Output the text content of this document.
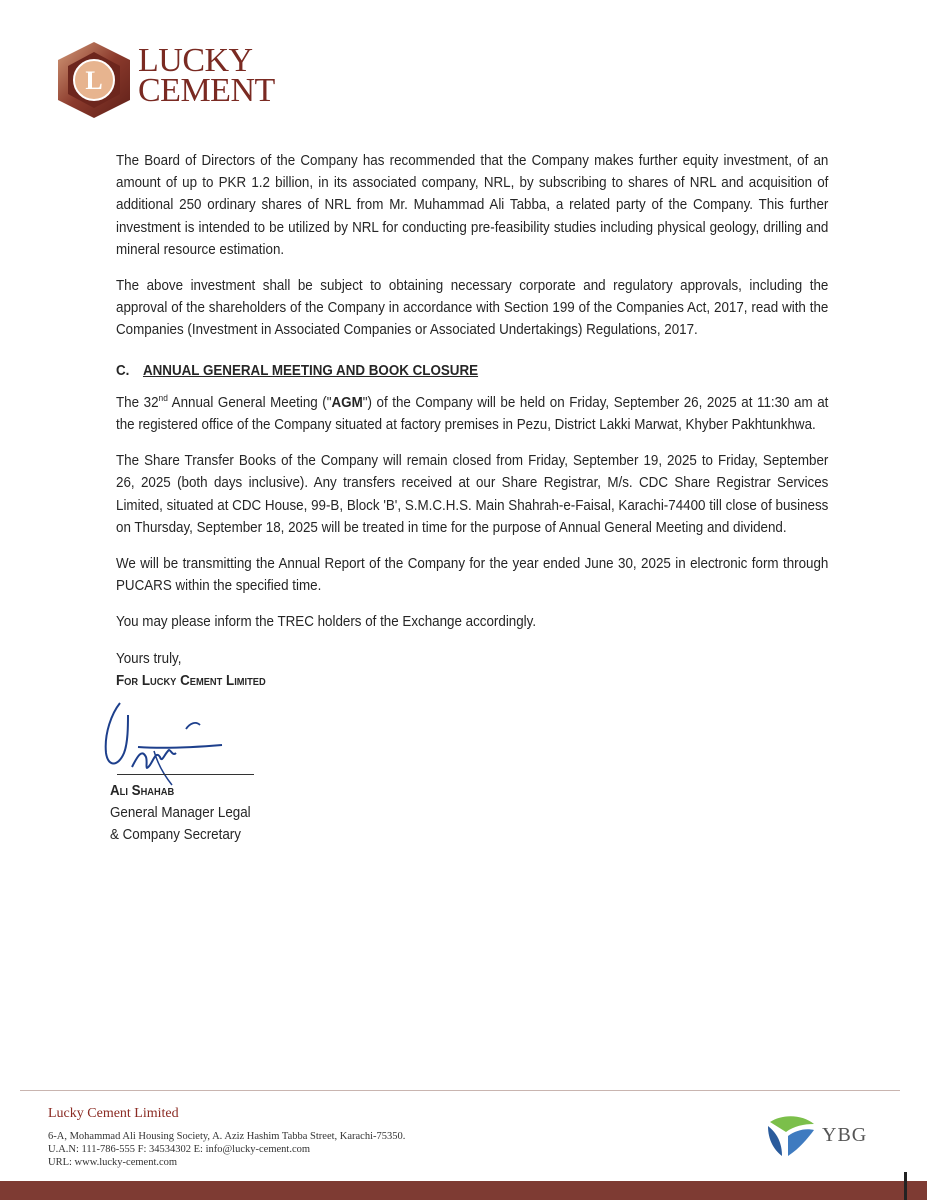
L
LUCKY
CEMENT

The Board of Directors of the Company has recommended that the Company makes further equity investment, of an amount of up to PKR 1.2 billion, in its associated company, NRL, by subscribing to shares of NRL and acquisition of additional 250 ordinary shares of NRL from Mr. Muhammad Ali Tabba, a related party of the Company. This further investment is intended to be utilized by NRL for conducting pre-feasibility studies including physical geology, drilling and mineral resource estimation.

The above investment shall be subject to obtaining necessary corporate and regulatory approvals, including the approval of the shareholders of the Company in accordance with Section 199 of the Companies Act, 2017, read with the Companies (Investment in Associated Companies or Associated Undertakings) Regulations, 2017.

C. ANNUAL GENERAL MEETING AND BOOK CLOSURE

The 32nd Annual General Meeting ("AGM") of the Company will be held on Friday, September 26, 2025 at 11:30 am at the registered office of the Company situated at factory premises in Pezu, District Lakki Marwat, Khyber Pakhtunkhwa.

The Share Transfer Books of the Company will remain closed from Friday, September 19, 2025 to Friday, September 26, 2025 (both days inclusive). Any transfers received at our Share Registrar, M/s. CDC Share Registrar Services Limited, situated at CDC House, 99-B, Block 'B', S.M.C.H.S. Main Shahrah-e-Faisal, Karachi-74400 till close of business on Thursday, September 18, 2025 will be treated in time for the purpose of Annual General Meeting and dividend.

We will be transmitting the Annual Report of the Company for the year ended June 30, 2025 in electronic form through PUCARS within the specified time.

You may please inform the TREC holders of the Exchange accordingly.

Yours truly,
For Lucky Cement Limited
Ali Shahab
General Manager Legal
& Company Secretary
Lucky Cement Limited
6-A, Mohammad Ali Housing Society, A. Aziz Hashim Tabba Street, Karachi-75350.
U.A.N: 111-786-555 F: 34534302 E: info@lucky-cement.com
URL: www.lucky-cement.com
YBG
